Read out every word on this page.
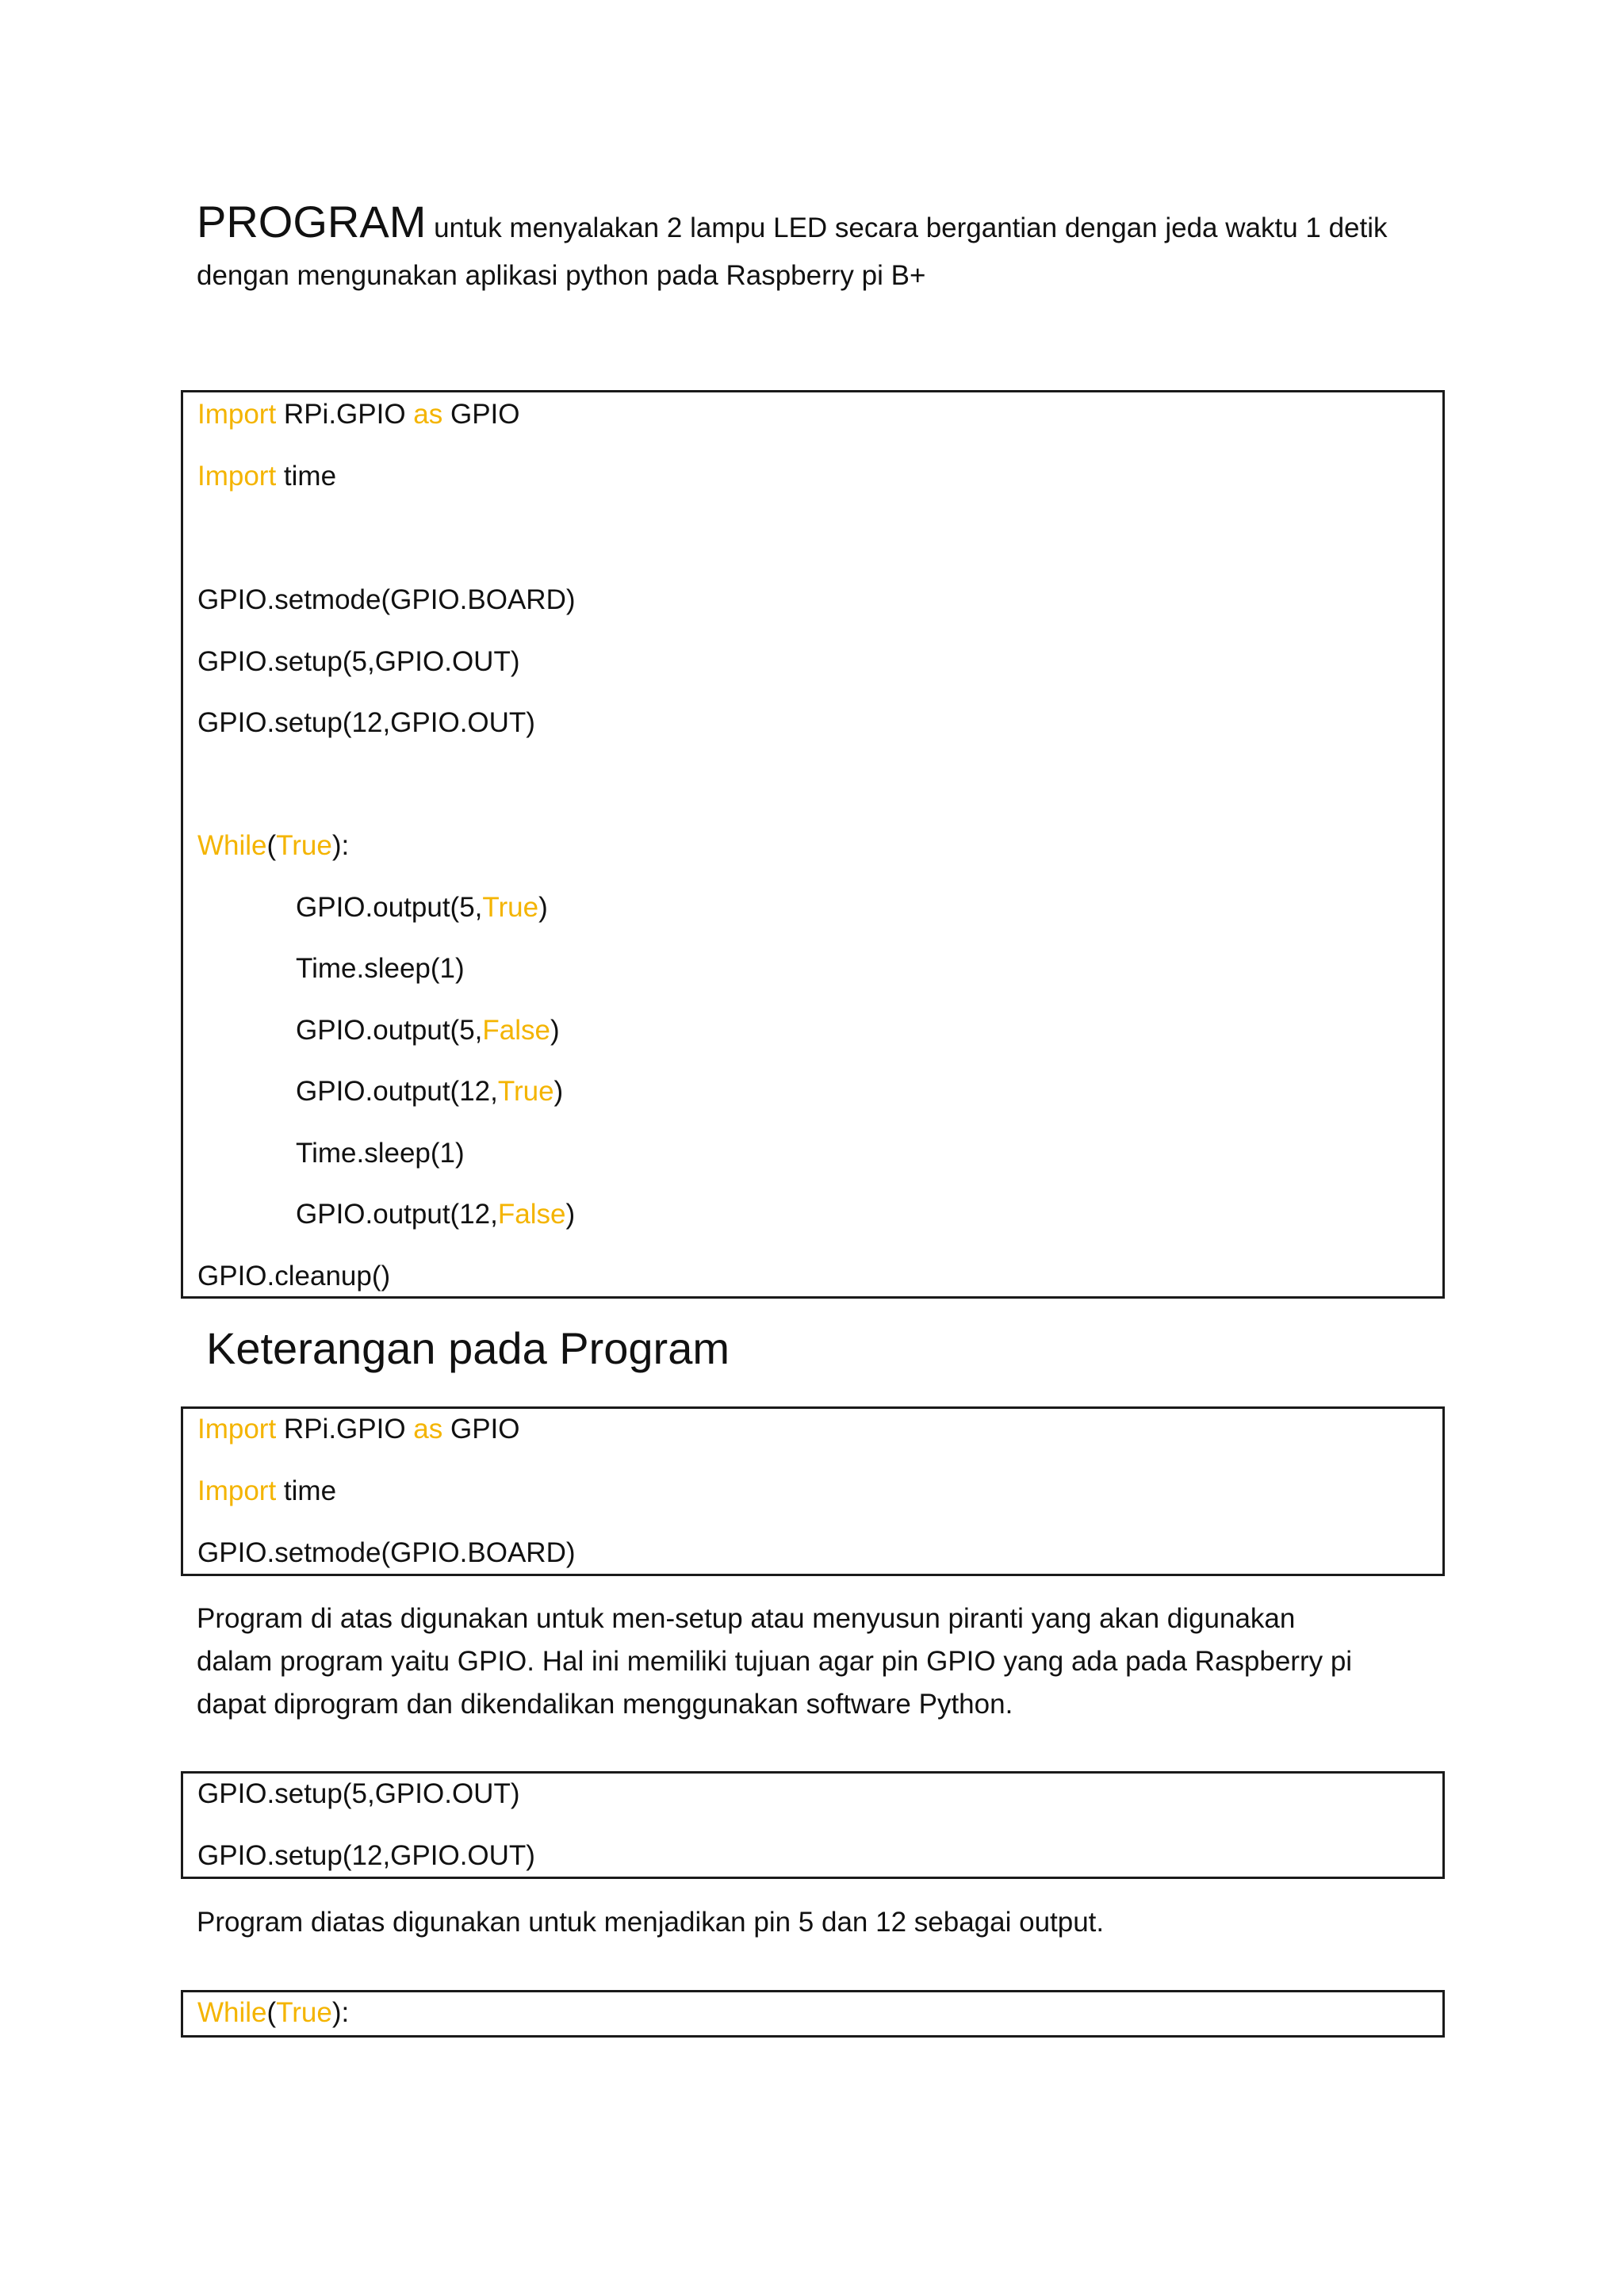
PROGRAM untuk menyalakan 2 lampu LED secara bergantian dengan jeda waktu 1 detik
dengan mengunakan aplikasi python pada Raspberry pi B+
Import RPi.GPIO as GPIO
Import time
GPIO.setmode(GPIO.BOARD)
GPIO.setup(5,GPIO.OUT)
GPIO.setup(12,GPIO.OUT)
While(True):
GPIO.output(5,True)
Time.sleep(1)
GPIO.output(5,False)
GPIO.output(12,True)
Time.sleep(1)
GPIO.output(12,False)
GPIO.cleanup()
Keterangan pada Program
Import RPi.GPIO as GPIO
Import time
GPIO.setmode(GPIO.BOARD)
Program di atas digunakan untuk men-setup atau menyusun piranti yang akan digunakan
dalam program yaitu GPIO. Hal ini memiliki tujuan agar pin GPIO yang ada pada Raspberry pi
dapat diprogram dan dikendalikan menggunakan software Python.
GPIO.setup(5,GPIO.OUT)
GPIO.setup(12,GPIO.OUT)
Program diatas digunakan untuk menjadikan pin 5 dan 12 sebagai output.
While(True):
